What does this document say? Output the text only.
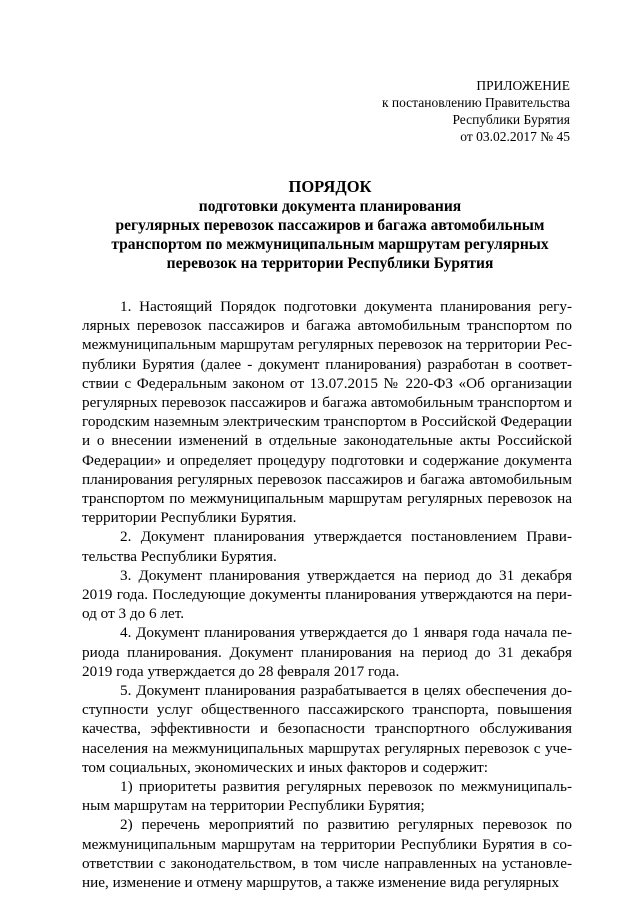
ПРИЛОЖЕНИЕ
к постановлению Правительства
Республики Бурятия
от 03.02.2017 № 45
ПОРЯДОК
подготовки документа планирования
регулярных перевозок пассажиров и багажа автомобильным
транспортом по межмуниципальным маршрутам регулярных
перевозок на территории Республики Бурятия

1. Настоящий Порядок подготовки документа планирования регулярных перевозок пассажиров и багажа автомобильным транспортом по межмуниципальным маршрутам регулярных перевозок на территории Республики Бурятия (далее - документ планирования) разработан в соответствии с Федеральным законом от 13.07.2015 № 220-ФЗ «Об организации регулярных перевозок пассажиров и багажа автомобильным транспортом и городским наземным электрическим транспортом в Российской Федерации и о внесении изменений в отдельные законодательные акты Российской Федерации» и определяет процедуру подготовки и содержание документа планирования регулярных перевозок пассажиров и багажа автомобильным транспортом по межмуниципальным маршрутам регулярных перевозок на территории Республики Бурятия.

2. Документ планирования утверждается постановлением Правительства Республики Бурятия.

3. Документ планирования утверждается на период до 31 декабря 2019 года. Последующие документы планирования утверждаются на период от 3 до 6 лет.

4. Документ планирования утверждается до 1 января года начала периода планирования. Документ планирования на период до 31 декабря 2019 года утверждается до 28 февраля 2017 года.

5. Документ планирования разрабатывается в целях обеспечения доступности услуг общественного пассажирского транспорта, повышения качества, эффективности и безопасности транспортного обслуживания населения на межмуниципальных маршрутах регулярных перевозок с учетом социальных, экономических и иных факторов и содержит:

1) приоритеты развития регулярных перевозок по межмуниципальным маршрутам на территории Республики Бурятия;

2) перечень мероприятий по развитию регулярных перевозок по межмуниципальным маршрутам на территории Республики Бурятия в соответствии с законодательством, в том числе направленных на установление, изменение и отмену маршрутов, а также изменение вида регулярных
